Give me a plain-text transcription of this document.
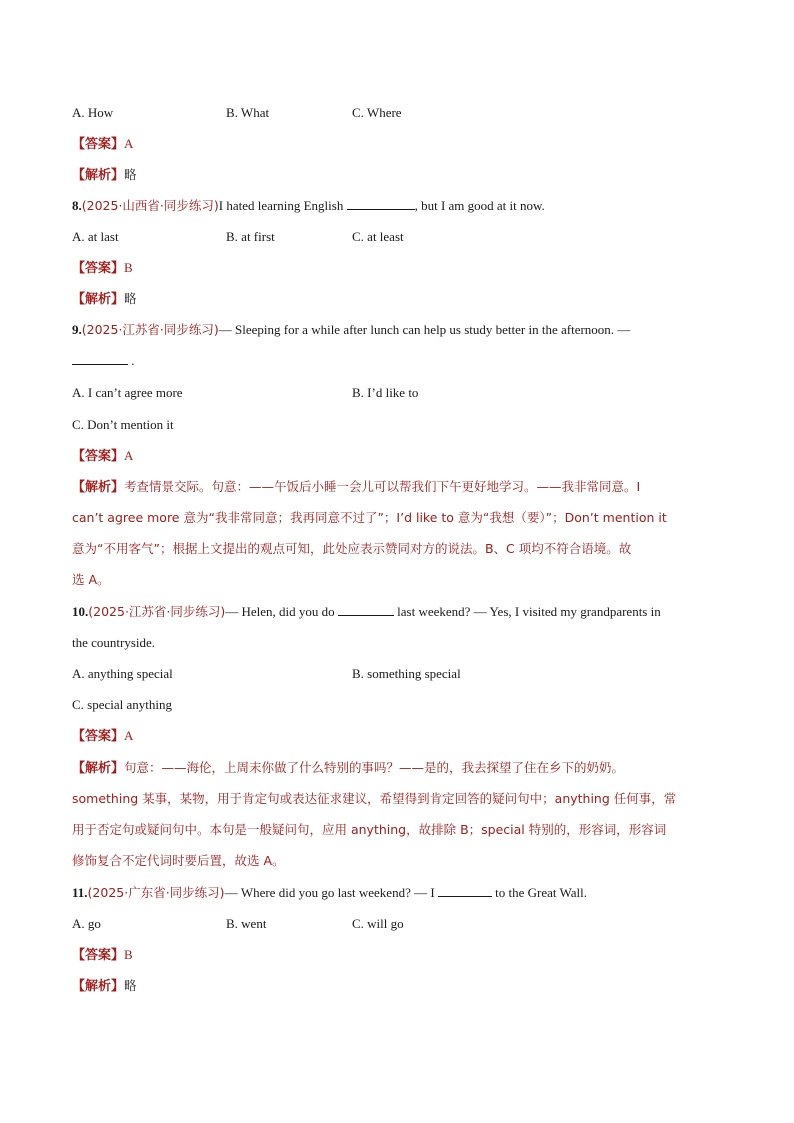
A. How	B. What	C. Where
【答案】A
【解析】略
8.(2025·山西省·同步练习)I hated learning English	, but I am good at it now.
A. at last	B. at first	C. at least
【答案】B
【解析】略
9.(2025·江苏省·同步练习)— Sleeping for a while after lunch can help us study better in the afternoon. —
.
A. I can’t agree more	B. I’d like to
C. Don’t mention it
【答案】A
【解析】考查情景交际。句意：——午饭后小睡一会儿可以帮我们下午更好地学习。——我非常同意。I
can’t agree more 意为“我非常同意；我再同意不过了”；I’d like to 意为“我想（要）”；Don’t mention it
意为“不用客气”；根据上文提出的观点可知，此处应表示赞同对方的说法。B、C 项均不符合语境。故
选 A。
10.(2025·江苏省·同步练习)— Helen, did you do	last weekend? — Yes, I visited my grandparents in
the countryside.
A. anything special	B. something special
C. special anything
【答案】A
【解析】句意：——海伦，上周末你做了什么特别的事吗？——是的，我去探望了住在乡下的奶奶。
something 某事，某物，用于肯定句或表达征求建议，希望得到肯定回答的疑问句中；anything 任何事，常
用于否定句或疑问句中。本句是一般疑问句，应用 anything，故排除 B；special 特别的，形容词，形容词
修饰复合不定代词时要后置，故选 A。
11.(2025·广东省·同步练习)— Where did you go last weekend? — I	to the Great Wall.
A. go	B. went	C. will go
【答案】B
【解析】略
